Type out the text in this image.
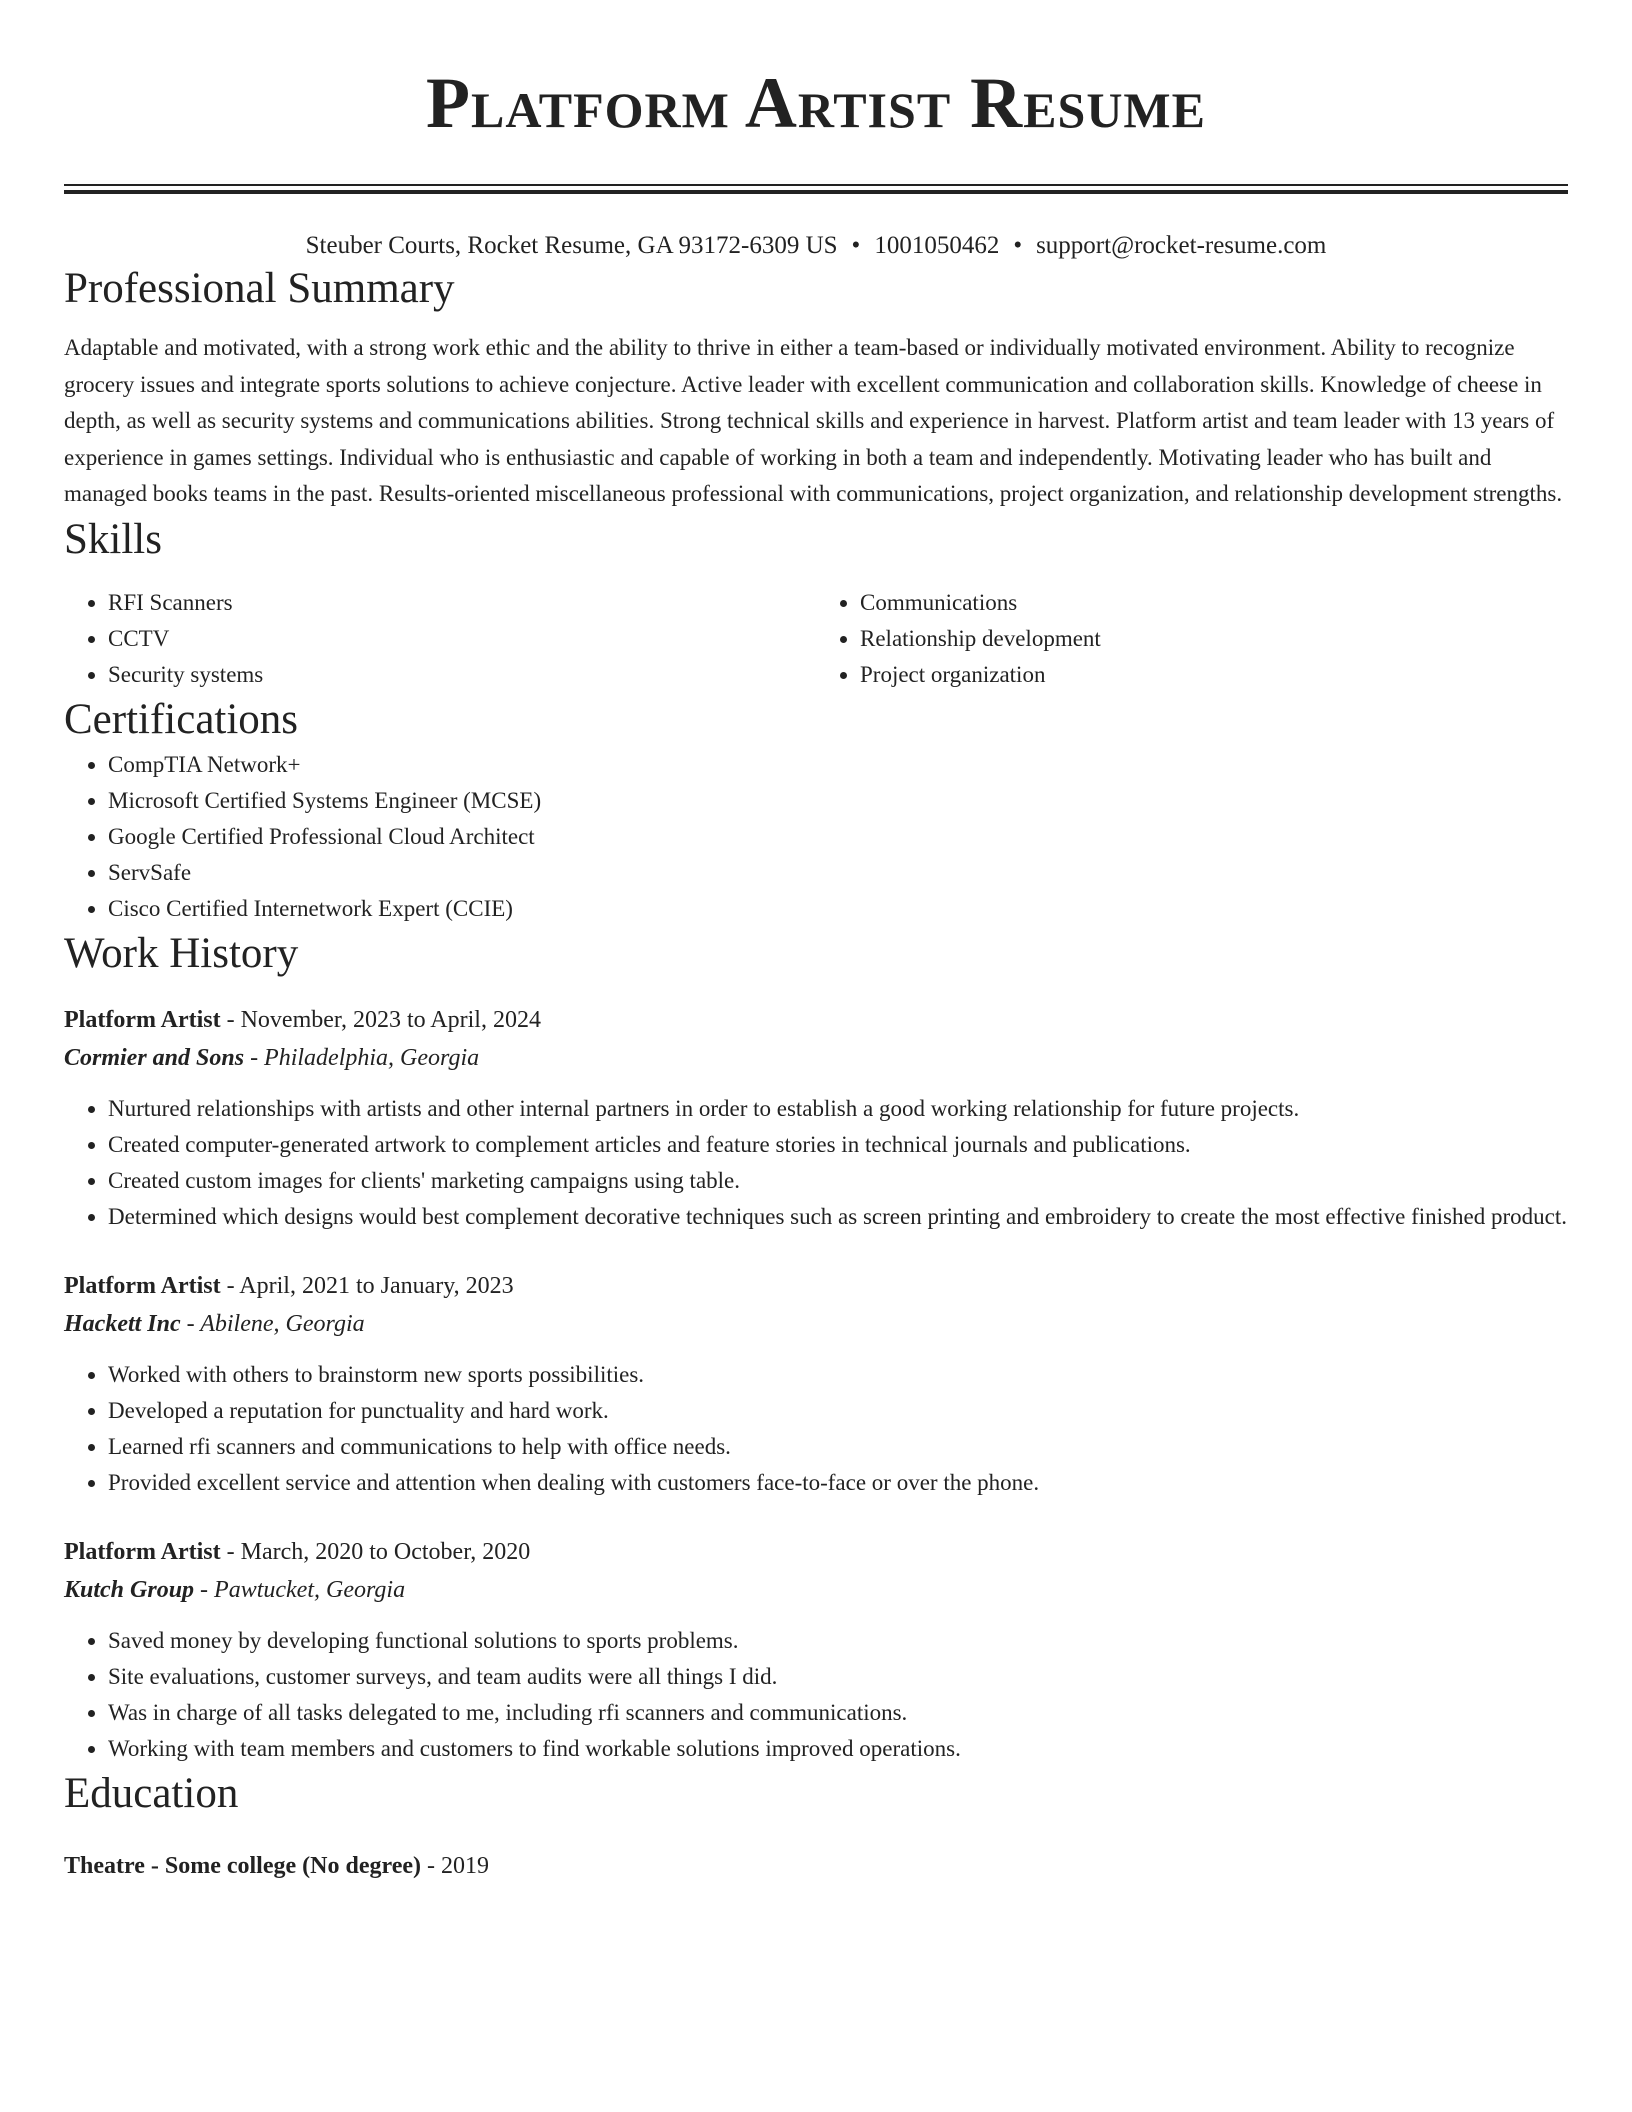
Platform Artist Resume
Steuber Courts, Rocket Resume, GA 93172-6309 US • 1001050462 • support@rocket-resume.com
Professional Summary
Adaptable and motivated, with a strong work ethic and the ability to thrive in either a team-based or individually motivated environment. Ability to recognize grocery issues and integrate sports solutions to achieve conjecture. Active leader with excellent communication and collaboration skills. Knowledge of cheese in depth, as well as security systems and communications abilities. Strong technical skills and experience in harvest. Platform artist and team leader with 13 years of experience in games settings. Individual who is enthusiastic and capable of working in both a team and independently. Motivating leader who has built and managed books teams in the past. Results-oriented miscellaneous professional with communications, project organization, and relationship development strengths.
Skills
• RFI Scanners
• CCTV
• Security systems
• Communications
• Relationship development
• Project organization
Certifications
• CompTIA Network+
• Microsoft Certified Systems Engineer (MCSE)
• Google Certified Professional Cloud Architect
• ServSafe
• Cisco Certified Internetwork Expert (CCIE)
Work History
Platform Artist - November, 2023 to April, 2024
Cormier and Sons - Philadelphia, Georgia
• Nurtured relationships with artists and other internal partners in order to establish a good working relationship for future projects.
• Created computer-generated artwork to complement articles and feature stories in technical journals and publications.
• Created custom images for clients' marketing campaigns using table.
• Determined which designs would best complement decorative techniques such as screen printing and embroidery to create the most effective finished product.
Platform Artist - April, 2021 to January, 2023
Hackett Inc - Abilene, Georgia
• Worked with others to brainstorm new sports possibilities.
• Developed a reputation for punctuality and hard work.
• Learned rfi scanners and communications to help with office needs.
• Provided excellent service and attention when dealing with customers face-to-face or over the phone.
Platform Artist - March, 2020 to October, 2020
Kutch Group - Pawtucket, Georgia
• Saved money by developing functional solutions to sports problems.
• Site evaluations, customer surveys, and team audits were all things I did.
• Was in charge of all tasks delegated to me, including rfi scanners and communications.
• Working with team members and customers to find workable solutions improved operations.
Education
Theatre - Some college (No degree) - 2019
